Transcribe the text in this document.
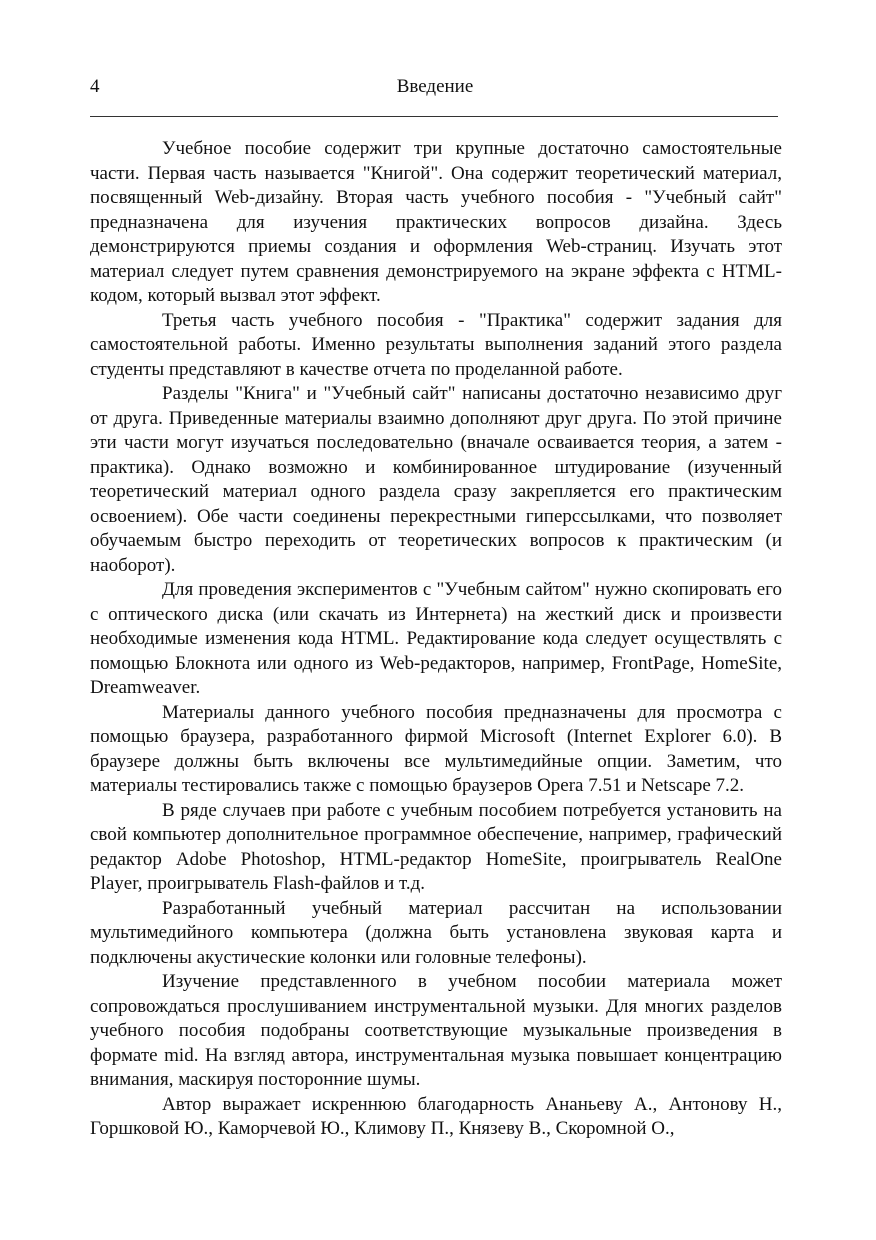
4	Введение

Учебное пособие содержит три крупные достаточно самостоятельные части. Первая часть называется "Книгой". Она содержит теоретический материал, посвященный Web-дизайну. Вторая часть учебного пособия - "Учебный сайт" предназначена для изучения практических вопросов дизайна. Здесь демонстрируются приемы создания и оформления Web-страниц. Изучать этот материал следует путем сравнения демонстрируемого на экране эффекта с HTML-кодом, который вызвал этот эффект.

Третья часть учебного пособия - "Практика" содержит задания для самостоятельной работы. Именно результаты выполнения заданий этого раздела студенты представляют в качестве отчета по проделанной работе.

Разделы "Книга" и "Учебный сайт" написаны достаточно независимо друг от друга. Приведенные материалы взаимно дополняют друг друга. По этой причине эти части могут изучаться последовательно (вначале осваивается теория, а затем - практика). Однако возможно и комбинированное штудирование (изученный теоретический материал одного раздела сразу закрепляется его практическим освоением). Обе части соединены перекрестными гиперссылками, что позволяет обучаемым быстро переходить от теоретических вопросов к практическим (и наоборот).

Для проведения экспериментов с "Учебным сайтом" нужно скопировать его с оптического диска (или скачать из Интернета) на жесткий диск и произвести необходимые изменения кода HTML. Редактирование кода следует осуществлять с помощью Блокнота или одного из Web-редакторов, например, FrontPage, HomeSite, Dreamweaver.

Материалы данного учебного пособия предназначены для просмотра с помощью браузера, разработанного фирмой Microsoft (Internet Explorer 6.0). В браузере должны быть включены все мультимедийные опции. Заметим, что материалы тестировались также с помощью браузеров Opera 7.51 и Netscape 7.2.

В ряде случаев при работе с учебным пособием потребуется установить на свой компьютер дополнительное программное обеспечение, например, графический редактор Adobe Photoshop, HTML-редактор HomeSite, проигрыватель RealOne Player, проигрыватель Flash-файлов и т.д.

Разработанный учебный материал рассчитан на использовании мультимедийного компьютера (должна быть установлена звуковая карта и подключены акустические колонки или головные телефоны).

Изучение представленного в учебном пособии материала может сопровождаться прослушиванием инструментальной музыки. Для многих разделов учебного пособия подобраны соответствующие музыкальные произведения в формате mid. На взгляд автора, инструментальная музыка повышает концентрацию внимания, маскируя посторонние шумы.

Автор выражает искреннюю благодарность Ананьеву А., Антонову Н., Горшковой Ю., Каморчевой Ю., Климову П., Князеву В., Скоромной О.,
